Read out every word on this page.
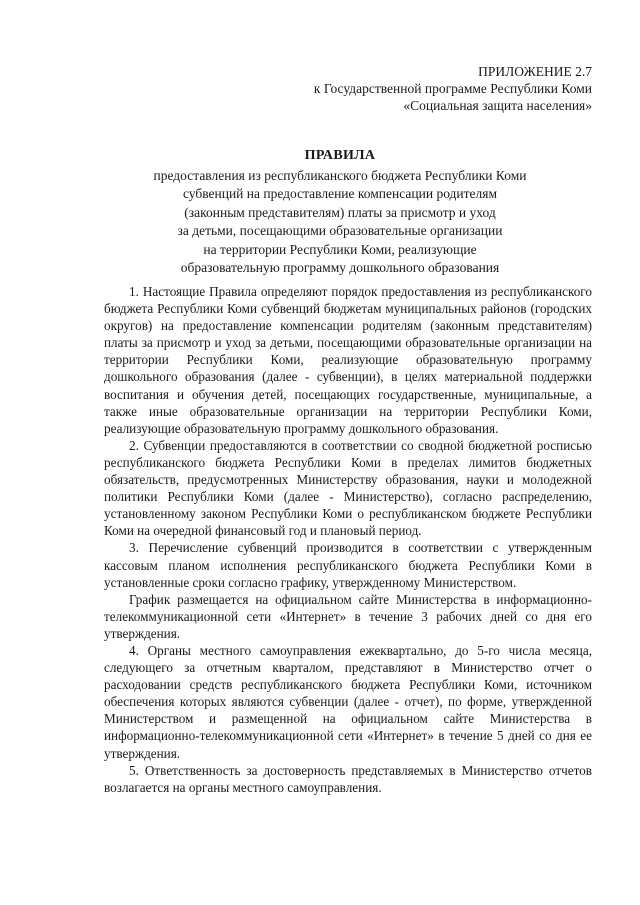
ПРИЛОЖЕНИЕ 2.7
к Государственной программе Республики Коми
«Социальная защита населения»
ПРАВИЛА
предоставления из республиканского бюджета Республики Коми
субвенций на предоставление компенсации родителям
(законным представителям) платы за присмотр и уход
за детьми, посещающими образовательные организации
на территории Республики Коми, реализующие
образовательную программу дошкольного образования

1. Настоящие Правила определяют порядок предоставления из республиканского бюджета Республики Коми субвенций бюджетам муниципальных районов (городских округов) на предоставление компенсации родителям (законным представителям) платы за присмотр и уход за детьми, посещающими образовательные организации на территории Республики Коми, реализующие образовательную программу дошкольного образования (далее - субвенции), в целях материальной поддержки воспитания и обучения детей, посещающих государственные, муниципальные, а также иные образовательные организации на территории Республики Коми, реализующие образовательную программу дошкольного образования.

2. Субвенции предоставляются в соответствии со сводной бюджетной росписью республиканского бюджета Республики Коми в пределах лимитов бюджетных обязательств, предусмотренных Министерству образования, науки и молодежной политики Республики Коми (далее - Министерство), согласно распределению, установленному законом Республики Коми о республиканском бюджете Республики Коми на очередной финансовый год и плановый период.

3. Перечисление субвенций производится в соответствии с утвержденным кассовым планом исполнения республиканского бюджета Республики Коми в установленные сроки согласно графику, утвержденному Министерством.

График размещается на официальном сайте Министерства в информационно-телекоммуникационной сети «Интернет» в течение 3 рабочих дней со дня его утверждения.

4. Органы местного самоуправления ежеквартально, до 5-го числа месяца, следующего за отчетным кварталом, представляют в Министерство отчет о расходовании средств республиканского бюджета Республики Коми, источником обеспечения которых являются субвенции (далее - отчет), по форме, утвержденной Министерством и размещенной на официальном сайте Министерства в информационно-телекоммуникационной сети «Интернет» в течение 5 дней со дня ее утверждения.

5. Ответственность за достоверность представляемых в Министерство отчетов возлагается на органы местного самоуправления.
